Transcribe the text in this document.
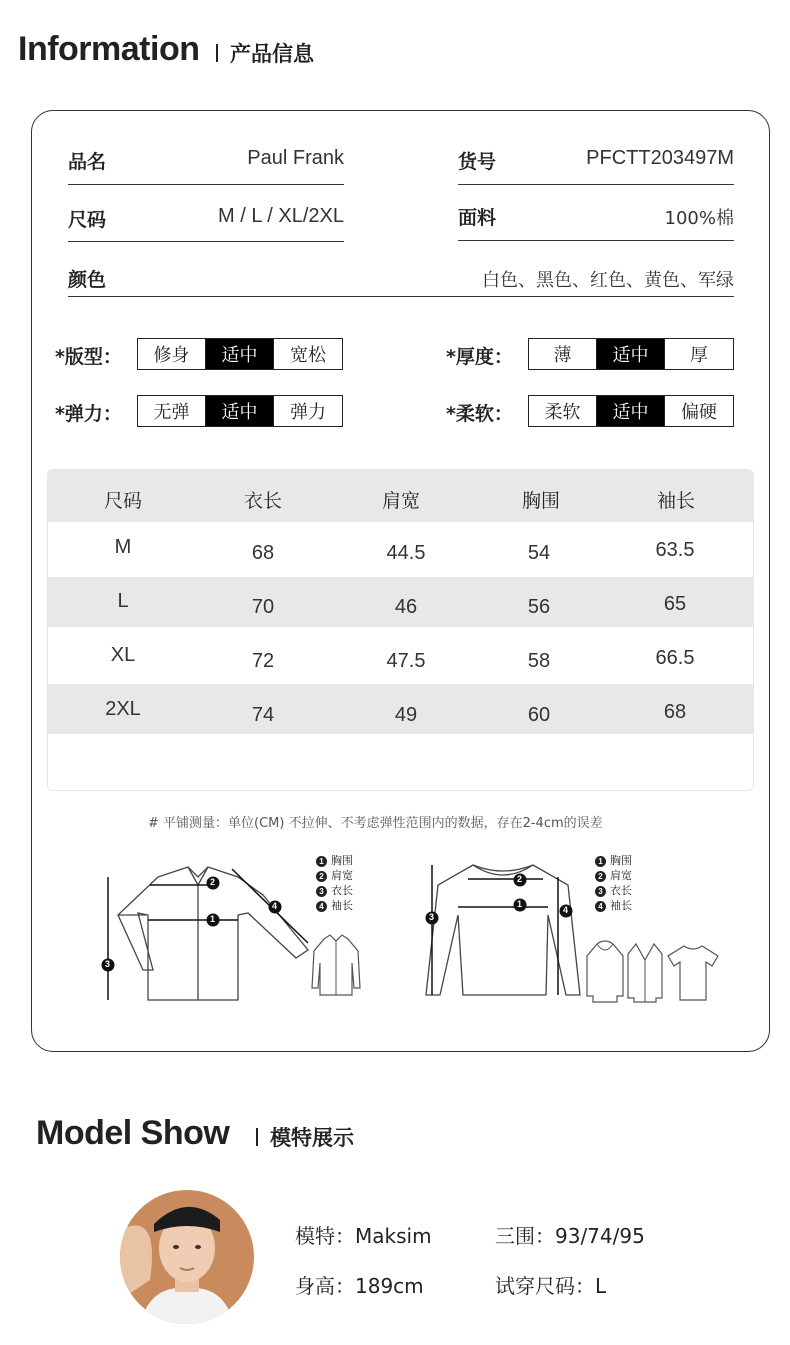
Information 产品信息
品名	Paul Frank	货号	PFCTT203497M
尺码	M / L / XL/2XL	面料	100%棉
颜色	白色、黑色、红色、黄色、军绿
*版型：	修身	适中	宽松	*厚度：	薄	适中	厚
*弹力：	无弹	适中	弹力	*柔软：	柔软	适中	偏硬
尺码	衣长	肩宽	胸围	袖长
M	68	44.5	54	63.5
L	70	46	56	65
XL	72	47.5	58	66.5
2XL	74	49	60	68
# 平铺测量：单位(CM) 不拉伸、不考虑弹性范围内的数据，存在2-4cm的误差
2
1
3
4
1 胸围
2 肩宽
3 衣长
4 袖长
2
1
3
4
1 胸围
2 肩宽
3 衣长
4 袖长
Model Show 模特展示
模特：Maksim	三围：93/74/95
身高：189cm	试穿尺码：L
